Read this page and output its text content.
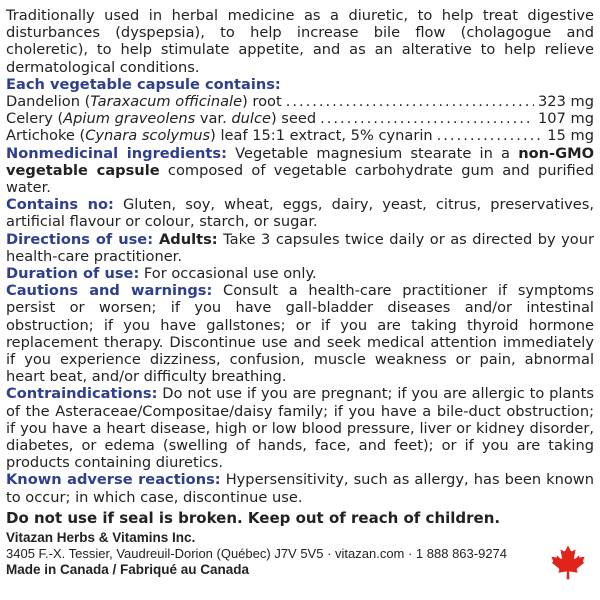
Traditionally used in herbal medicine as a diuretic, to help treat digestive disturbances (dyspepsia), to help increase bile flow (cholagogue and choleretic), to help stimulate appetite, and as an alterative to help relieve dermatological conditions.

Each vegetable capsule contains:
Dandelion (Taraxacum officinale) root .....	323 mg
Celery (Apium graveolens var. dulce) seed .....	107 mg
Artichoke (Cynara scolymus) leaf 15:1 extract, 5% cynarin .....	15 mg

Nonmedicinal ingredients: Vegetable magnesium stearate in a non-GMO vegetable capsule composed of vegetable carbohydrate gum and purified water.

Contains no: Gluten, soy, wheat, eggs, dairy, yeast, citrus, preservatives, artificial flavour or colour, starch, or sugar.

Directions of use: Adults: Take 3 capsules twice daily or as directed by your health-care practitioner.

Duration of use: For occasional use only.

Cautions and warnings: Consult a health-care practitioner if symptoms persist or worsen; if you have gall-bladder diseases and/or intestinal obstruction; if you have gallstones; or if you are taking thyroid hormone replacement therapy. Discontinue use and seek medical attention immediately if you experience dizziness, confusion, muscle weakness or pain, abnormal heart beat, and/or difficulty breathing.

Contraindications: Do not use if you are pregnant; if you are allergic to plants of the Asteraceae/Compositae/daisy family; if you have a bile-duct obstruction; if you have a heart disease, high or low blood pressure, liver or kidney disorder, diabetes, or edema (swelling of hands, face, and feet); or if you are taking products containing diuretics.

Known adverse reactions: Hypersensitivity, such as allergy, has been known to occur; in which case, discontinue use.

Do not use if seal is broken. Keep out of reach of children.
Vitazan Herbs & Vitamins Inc.
3405 F.-X. Tessier, Vaudreuil-Dorion (Québec) J7V 5V5 · vitazan.com · 1 888 863-9274
Made in Canada / Fabriqué au Canada
